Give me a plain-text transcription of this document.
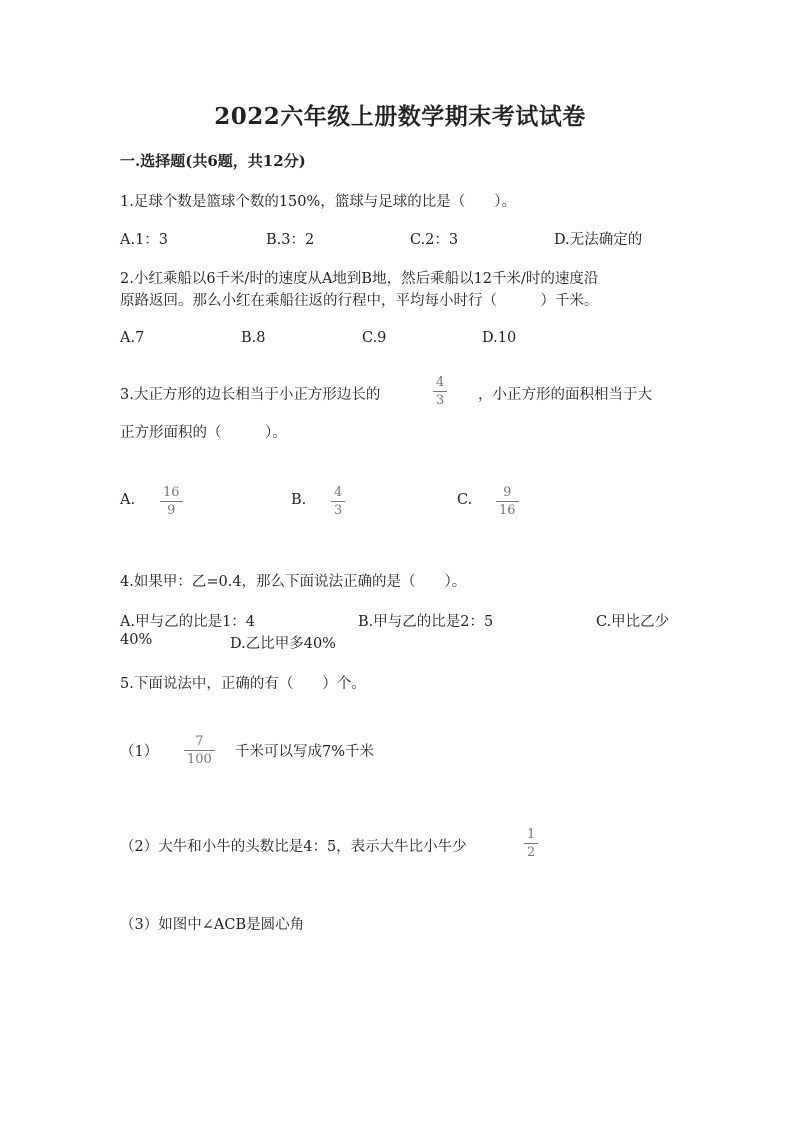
2022六年级上册数学期末考试试卷
一.选择题(共6题，共12分)
1.足球个数是篮球个数的150%，篮球与足球的比是（　　）。
A.1：3	B.3：2	C.2：3	D.无法确定的
2.小红乘船以6千米/时的速度从A地到B地，然后乘船以12千米/时的速度沿
原路返回。那么小红在乘船往返的行程中，平均每小时行（　　　）千米。
A.7	B.8	C.9	D.10
3.大正方形的边长相当于小正方形边长的
4
3 ，小正方形的面积相当于大
正方形面积的（　　　）。
A. 16
9
B. 4
3
C. 9
16
4.如果甲：乙=0.4，那么下面说法正确的是（　　）。
A.甲与乙的比是1：4	B.甲与乙的比是2：5	C.甲比乙少
40%	D.乙比甲多40%
5.下面说法中，正确的有（　　）个。
（1）
7
100 千米可以写成7%千米
（2）大牛和小牛的头数比是4：5，表示大牛比小牛少
1
2
（3）如图中∠ACB是圆心角
